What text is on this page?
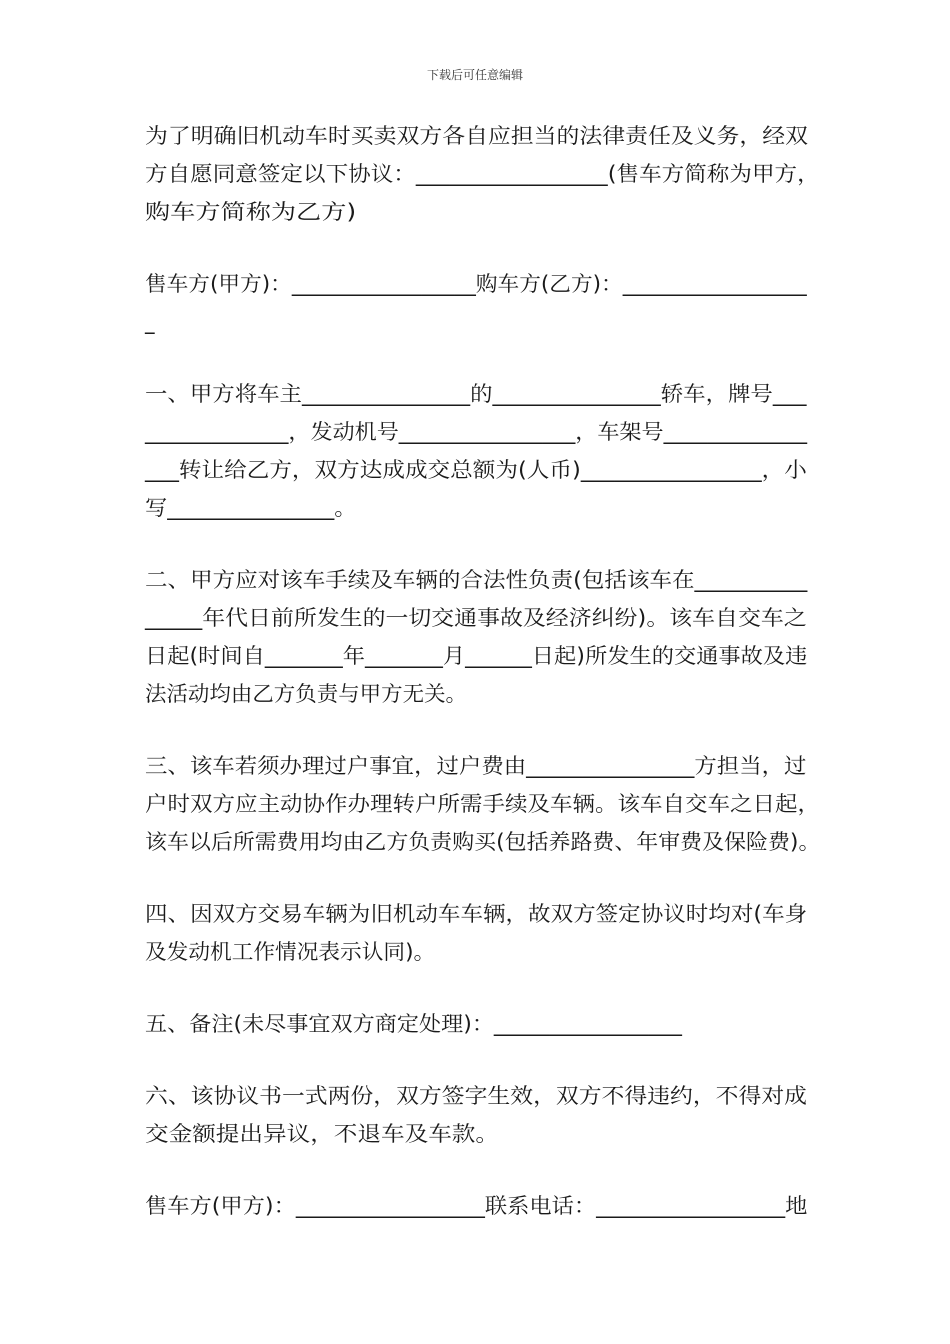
下载后可任意编辑
为了明确旧机动车时买卖双方各自应担当的法律责任及义务，经双
方自愿同意签定以下协议：_________________(售车方简称为甲方，
购车方简称为乙方)
售车方(甲方)：_________________购车方(乙方)：_________________
_
一、甲方将车主_______________的_______________轿车，牌号___
_____________，发动机号________________，车架号_____________
___转让给乙方，双方达成成交总额为(人币)________________，小
写_______________。
二、甲方应对该车手续及车辆的合法性负责(包括该车在__________
_____年代日前所发生的一切交通事故及经济纠纷)。该车自交车之
日起(时间自_______年_______月______日起)所发生的交通事故及违
法活动均由乙方负责与甲方无关。
三、该车若须办理过户事宜，过户费由_______________方担当，过
户时双方应主动协作办理转户所需手续及车辆。该车自交车之日起，
该车以后所需费用均由乙方负责购买(包括养路费、年审费及保险费)。
四、因双方交易车辆为旧机动车车辆，故双方签定协议时均对(车身
及发动机工作情况表示认同)。
五、备注(未尽事宜双方商定处理)：_________________
六、该协议书一式两份，双方签字生效，双方不得违约，不得对成
交金额提出异议，不退车及车款。
售车方(甲方)：_________________联系电话：_________________地
